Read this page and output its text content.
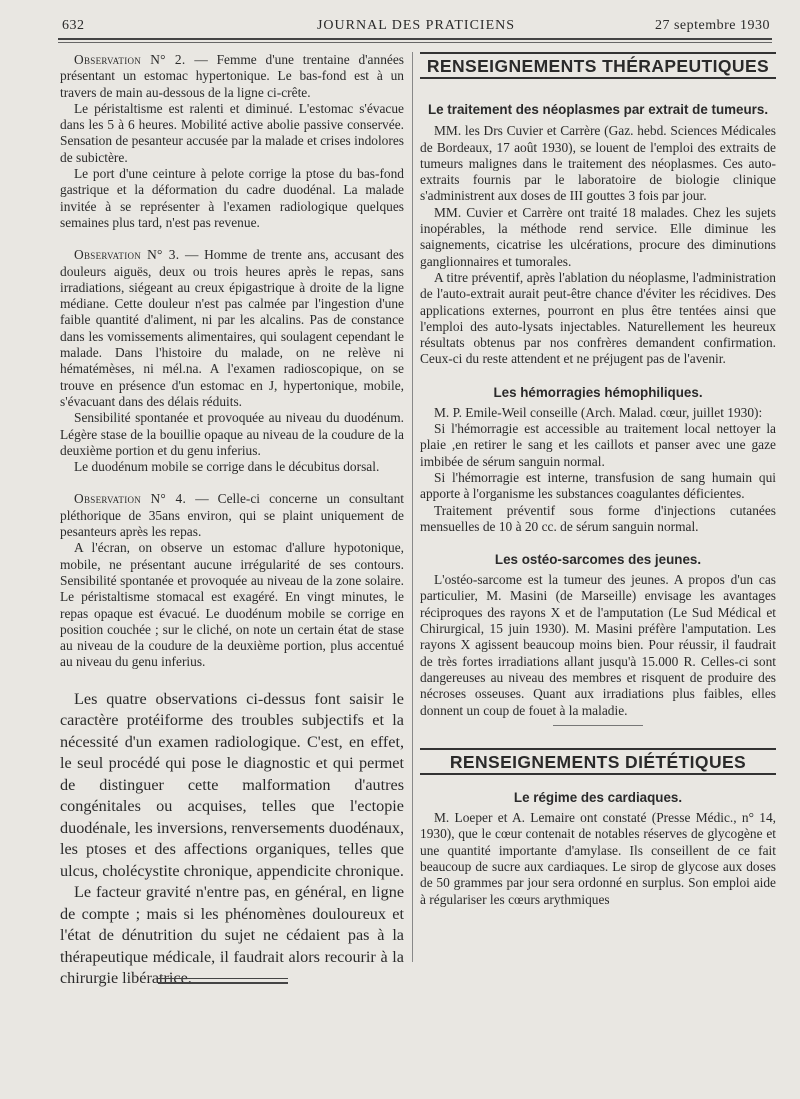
632	JOURNAL DES PRATICIENS	27 septembre 1930

Observation N° 2. — Femme d'une trentaine d'années présentant un estomac hypertonique. Le bas-fond est à un travers de main au-dessous de la ligne ci-crête.

Le péristaltisme est ralenti et diminué. L'estomac s'évacue dans les 5 à 6 heures. Mobilité active abolie passive conservée. Sensation de pesanteur accusée par la malade et crises indolores de subictère.

Le port d'une ceinture à pelote corrige la ptose du bas-fond gastrique et la déformation du cadre duodénal. La malade invitée à se représenter à l'examen radiologique quelques semaines plus tard, n'est pas revenue.

Observation N° 3. — Homme de trente ans, accusant des douleurs aiguës, deux ou trois heures après le repas, sans irradiations, siégeant au creux épigastrique à droite de la ligne médiane. Cette douleur n'est pas calmée par l'ingestion d'une faible quantité d'aliment, ni par les alcalins. Pas de constance dans les vomissements alimentaires, qui soulagent cependant le malade. Dans l'histoire du malade, on ne relève ni hématémèses, ni mél.na. A l'examen radioscopique, on se trouve en présence d'un estomac en J, hypertonique, mobile, s'évacuant dans des délais réduits.

Sensibilité spontanée et provoquée au niveau du duodénum. Légère stase de la bouillie opaque au niveau de la coudure de la deuxième portion et du genu inferius.

Le duodénum mobile se corrige dans le décubitus dorsal.

Observation N° 4. — Celle-ci concerne un consultant pléthorique de 35ans environ, qui se plaint uniquement de pesanteurs après les repas.

A l'écran, on observe un estomac d'allure hypotonique, mobile, ne présentant aucune irrégularité de ses contours. Sensibilité spontanée et provoquée au niveau de la zone solaire. Le péristaltisme stomacal est exagéré. En vingt minutes, le repas opaque est évacué. Le duodénum mobile se corrige en position couchée ; sur le cliché, on note un certain état de stase au niveau de la coudure de la deuxième portion, plus accentué au niveau du genu inferius.

Les quatre observations ci-dessus font saisir le caractère protéiforme des troubles subjectifs et la nécessité d'un examen radiologique. C'est, en effet, le seul procédé qui pose le diagnostic et qui permet de distinguer cette malformation d'autres congénitales ou acquises, telles que l'ectopie duodénale, les inversions, renversements duodénaux, les ptoses et des affections organiques, telles que ulcus, cholécystite chronique, appendicite chronique.

Le facteur gravité n'entre pas, en général, en ligne de compte ; mais si les phénomènes douloureux et l'état de dénutrition du sujet ne cédaient pas à la thérapeutique médicale, il faudrait alors recourir à la chirurgie libératrice.

RENSEIGNEMENTS THÉRAPEUTIQUES
Le traitement des néoplasmes par extrait de tumeurs.

MM. les Drs Cuvier et Carrère (Gaz. hebd. Sciences Médicales de Bordeaux, 17 août 1930), se louent de l'emploi des extraits de tumeurs malignes dans le traitement des néoplasmes. Ces auto-extraits fournis par le laboratoire de biologie clinique s'administrent aux doses de III gouttes 3 fois par jour.

MM. Cuvier et Carrère ont traité 18 malades. Chez les sujets inopérables, la méthode rend service. Elle diminue les saignements, cicatrise les ulcérations, procure des diminutions ganglionnaires et tumorales.

A titre préventif, après l'ablation du néoplasme, l'administration de l'auto-extrait aurait peut-être chance d'éviter les récidives. Des applications externes, pourront en plus être tentées ainsi que l'emploi des auto-lysats injectables. Naturellement les heureux résultats obtenus par nos confrères demandent confirmation. Ceux-ci du reste attendent et ne préjugent pas de l'avenir.

Les hémorragies hémophiliques.

M. P. Emile-Weil conseille (Arch. Malad. cœur, juillet 1930):

Si l'hémorragie est accessible au traitement local nettoyer la plaie ,en retirer le sang et les caillots et panser avec une gaze imbibée de sérum sanguin normal.

Si l'hémorragie est interne, transfusion de sang humain qui apporte à l'organisme les substances coagulantes déficientes.

Traitement préventif sous forme d'injections cutanées mensuelles de 10 à 20 cc. de sérum sanguin normal.

Les ostéo-sarcomes des jeunes.

L'ostéo-sarcome est la tumeur des jeunes. A propos d'un cas particulier, M. Masini (de Marseille) envisage les avantages réciproques des rayons X et de l'amputation (Le Sud Médical et Chirurgical, 15 juin 1930). M. Masini préfère l'amputation. Les rayons X agissent beaucoup moins bien. Pour réussir, il faudrait de très fortes irradiations allant jusqu'à 15.000 R. Celles-ci sont dangereuses au niveau des membres et risquent de produire des nécroses osseuses. Quant aux irradiations plus faibles, elles donnent un coup de fouet à la maladie.

RENSEIGNEMENTS DIÉTÉTIQUES
Le régime des cardiaques.

M. Loeper et A. Lemaire ont constaté (Presse Médic., n° 14, 1930), que le cœur contenait de notables réserves de glycogène et une quantité importante d'amylase. Ils conseillent de ce fait beaucoup de sucre aux cardiaques. Le sirop de glycose aux doses de 50 grammes par jour sera ordonné en surplus. Son emploi aide à régulariser les cœurs arythmiques
